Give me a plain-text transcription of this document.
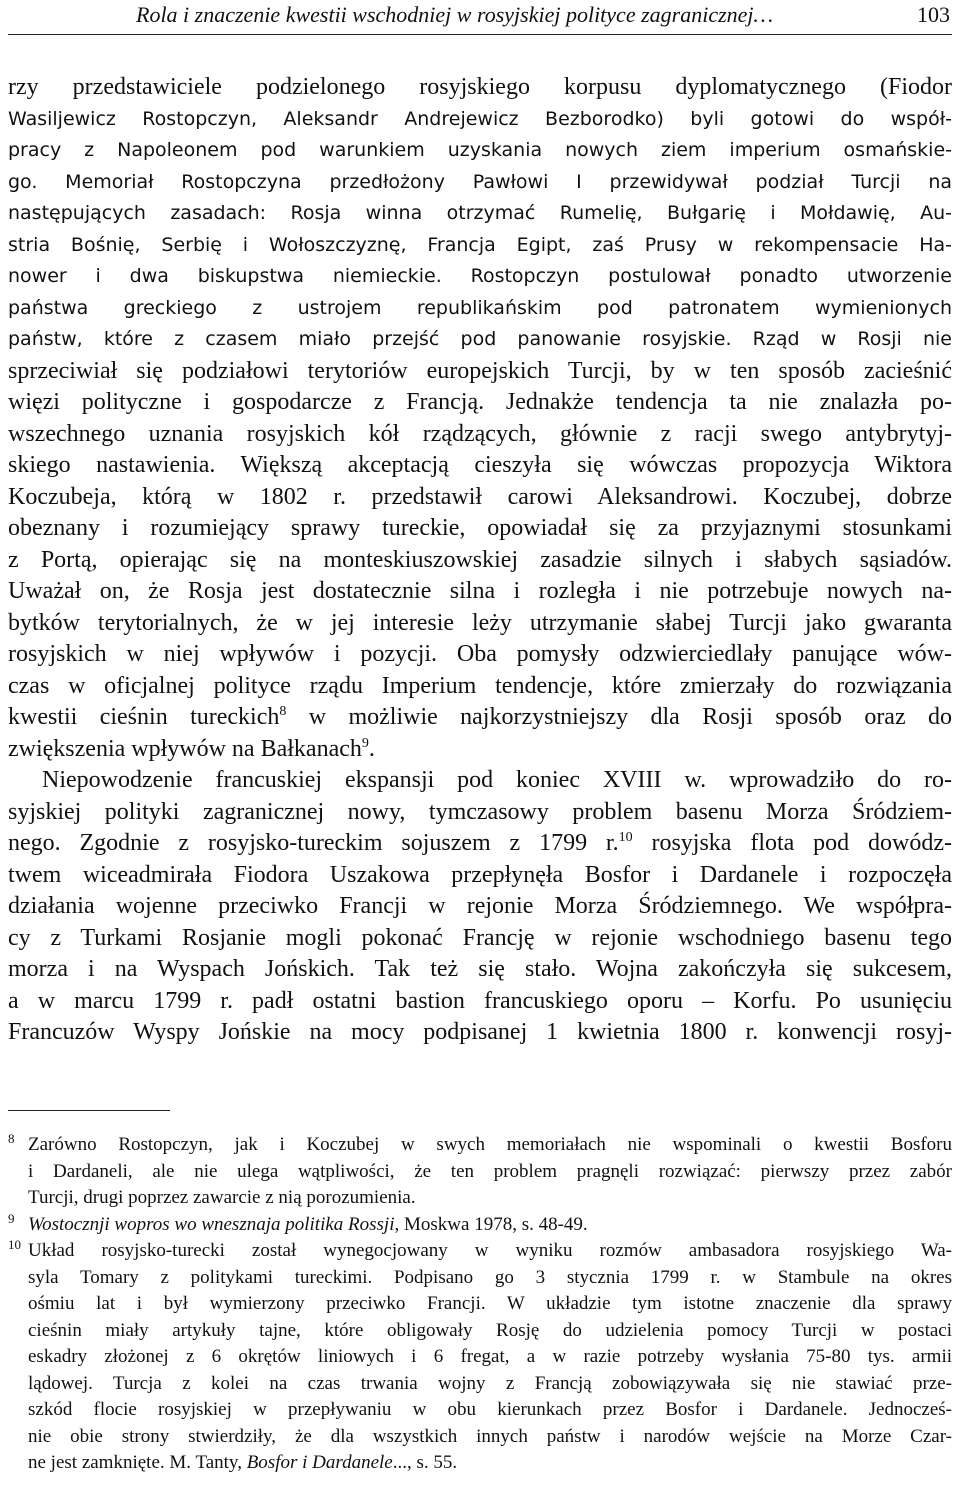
Rola i znaczenie kwestii wschodniej w rosyjskiej polityce zagranicznej…	103
rzy przedstawiciele podzielonego rosyjskiego korpusu dyplomatycznego (Fiodor
Wasiljewicz Rostopczyn, Aleksandr Andrejewicz Bezborodko) byli gotowi do współ-
pracy z Napoleonem pod warunkiem uzyskania nowych ziem imperium osmańskie-
go. Memoriał Rostopczyna przedłożony Pawłowi I przewidywał podział Turcji na
następujących zasadach: Rosja winna otrzymać Rumelię, Bułgarię i Mołdawię, Au-
stria Bośnię, Serbię i Wołoszczyznę, Francja Egipt, zaś Prusy w rekompensacie Ha-
nower i dwa biskupstwa niemieckie. Rostopczyn postulował ponadto utworzenie
państwa greckiego z ustrojem republikańskim pod patronatem wymienionych
państw, które z czasem miało przejść pod panowanie rosyjskie. Rząd w Rosji nie
sprzeciwiał się podziałowi terytoriów europejskich Turcji, by w ten sposób zacieśnić
więzi polityczne i gospodarcze z Francją. Jednakże tendencja ta nie znalazła po-
wszechnego uznania rosyjskich kół rządzących, głównie z racji swego antybrytyj-
skiego nastawienia. Większą akceptacją cieszyła się wówczas propozycja Wiktora
Koczubeja, którą w 1802 r. przedstawił carowi Aleksandrowi. Koczubej, dobrze
obeznany i rozumiejący sprawy tureckie, opowiadał się za przyjaznymi stosunkami
z Portą, opierając się na monteskiuszowskiej zasadzie silnych i słabych sąsiadów.
Uważał on, że Rosja jest dostatecznie silna i rozległa i nie potrzebuje nowych na-
bytków terytorialnych, że w jej interesie leży utrzymanie słabej Turcji jako gwaranta
rosyjskich w niej wpływów i pozycji. Oba pomysły odzwierciedlały panujące wów-
czas w oficjalnej polityce rządu Imperium tendencje, które zmierzały do rozwiązania
kwestii cieśnin tureckich$^8$ w możliwie najkorzystniejszy dla Rosji sposób oraz do
zwiększenia wpływów na Bałkanach$^9$.
Niepowodzenie francuskiej ekspansji pod koniec XVIII w. wprowadziło do ro-
syjskiej polityki zagranicznej nowy, tymczasowy problem basenu Morza Śródziem-
nego. Zgodnie z rosyjsko-tureckim sojuszem z 1799 r.$^{10}$ rosyjska flota pod dowódz-
twem wiceadmirała Fiodora Uszakowa przepłynęła Bosfor i Dardanele i rozpoczęła
działania wojenne przeciwko Francji w rejonie Morza Śródziemnego. We współpra-
cy z Turkami Rosjanie mogli pokonać Francję w rejonie wschodniego basenu tego
morza i na Wyspach Jońskich. Tak też się stało. Wojna zakończyła się sukcesem,
a w marcu 1799 r. padł ostatni bastion francuskiego oporu – Korfu. Po usunięciu
Francuzów Wyspy Jońskie na mocy podpisanej 1 kwietnia 1800 r. konwencji rosyj-
$^8$ Zarówno Rostopczyn, jak i Koczubej w swych memoriałach nie wspominali o kwestii Bosforu
i Dardaneli, ale nie ulega wątpliwości, że ten problem pragnęli rozwiązać: pierwszy przez zabór
Turcji, drugi poprzez zawarcie z nią porozumienia.
$^9$ Wostocznji wopros wo wnesznaja politika Rossji, Moskwa 1978, s. 48-49.
$^{10}$ Układ rosyjsko-turecki został wynegocjowany w wyniku rozmów ambasadora rosyjskiego Wa-
syla Tomary z politykami tureckimi. Podpisano go 3 stycznia 1799 r. w Stambule na okres
ośmiu lat i był wymierzony przeciwko Francji. W układzie tym istotne znaczenie dla sprawy
cieśnin miały artykuły tajne, które obligowały Rosję do udzielenia pomocy Turcji w postaci
eskadry złożonej z 6 okrętów liniowych i 6 fregat, a w razie potrzeby wysłania 75-80 tys. armii
lądowej. Turcja z kolei na czas trwania wojny z Francją zobowiązywała się nie stawiać prze-
szkód flocie rosyjskiej w przepływaniu w obu kierunkach przez Bosfor i Dardanele. Jednocześ-
nie obie strony stwierdziły, że dla wszystkich innych państw i narodów wejście na Morze Czar-
ne jest zamknięte. M. Tanty, Bosfor i Dardanele..., s. 55.
